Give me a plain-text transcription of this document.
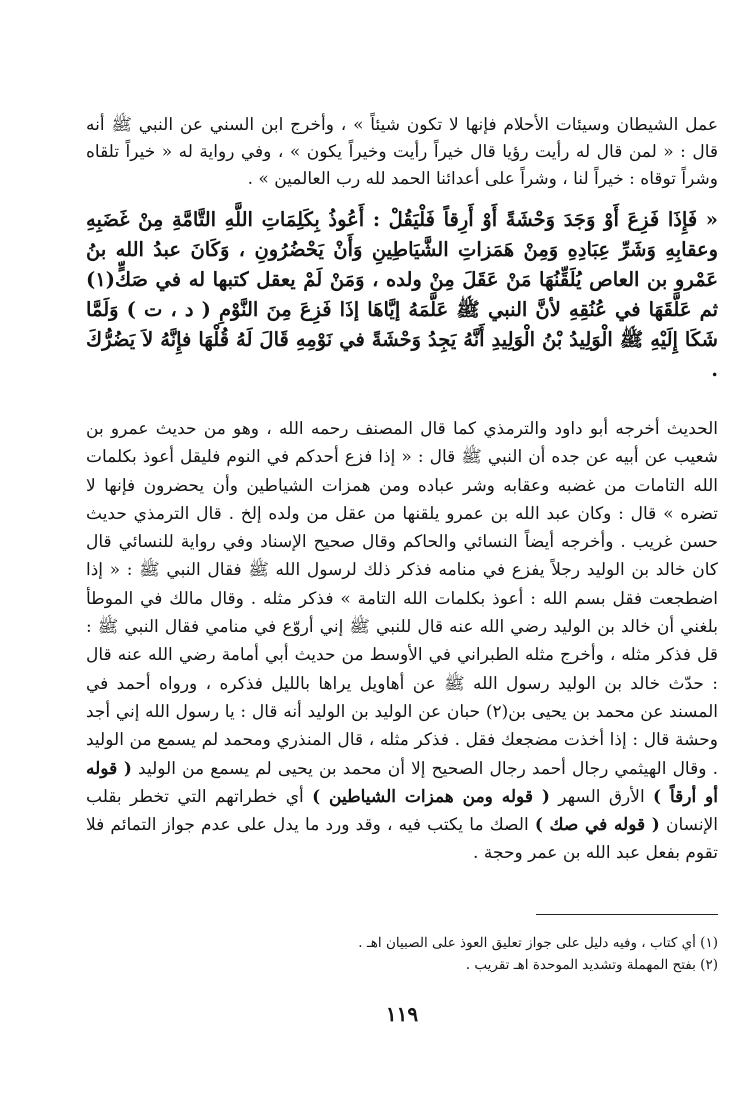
عمل الشيطان وسيئات الأحلام فإنها لا تكون شيئاً » ، وأخرج ابن السني عن النبي ﷺ أنه قال : « لمن قال له رأيت رؤيا قال خيراً رأيت وخيراً يكون » ، وفي رواية له « خيراً تلقاه وشراً توقاه : خيراً لنا ، وشراً على أعدائنا الحمد لله رب العالمين » .

« فَإِذَا فَزِعَ أَوْ وَجَدَ وَحْشَةً أَوْ أَرِقاً فَلْيَقُلْ : أَعُوذُ بِكَلِمَاتِ اللَّهِ التَّامَّةِ مِنْ غَضَبِهِ وعقابِهِ وَشَرِّ عِبَادِهِ وَمِنْ هَمَزاتِ الشَّيَاطِينِ وَأَنْ يَحْضُرُونِ ، وَكَانَ عبدُ الله بنُ عَمْرو بن العاص يُلَقِّنُهَا مَنْ عَقَلَ مِنْ ولده ، وَمَنْ لَمْ يعقل كتبها له في صَكٍّ(١) ثم عَلَّقَهَا في عُنُقِهِ لأنَّ النبي ﷺ عَلَّمَهُ إيَّاهَا إذَا فَزِعَ مِنَ النَّوْمِ ( د ، ت ) وَلَمَّا شَكَا إِلَيْهِ ﷺ الْوَلِيدُ بْنُ الْوَلِيدِ أَنَّهُ يَجِدُ وَحْشَةً في نَوْمِهِ قَالَ لَهُ قُلْهَا فإِنَّهُ لاَ يَضُرُّكَ .

الحديث أخرجه أبو داود والترمذي كما قال المصنف رحمه الله ، وهو من حديث عمرو بن شعيب عن أبيه عن جده أن النبي ﷺ قال : « إذا فزع أحدكم في النوم فليقل أعوذ بكلمات الله التامات من غضبه وعقابه وشر عباده ومن همزات الشياطين وأن يحضرون فإنها لا تضره » قال : وكان عبد الله بن عمرو يلقنها من عقل من ولده إلخ . قال الترمذي حديث حسن غريب . وأخرجه أيضاً النسائي والحاكم وقال صحيح الإسناد وفي رواية للنسائي قال كان خالد بن الوليد رجلاً يفزع في منامه فذكر ذلك لرسول الله ﷺ فقال النبي ﷺ : « إذا اضطجعت فقل بسم الله : أعوذ بكلمات الله التامة » فذكر مثله . وقال مالك في الموطأ بلغني أن خالد بن الوليد رضي الله عنه قال للنبي ﷺ إني أروّع في منامي فقال النبي ﷺ : قل فذكر مثله ، وأخرج مثله الطبراني في الأوسط من حديث أبي أمامة رضي الله عنه قال : حدّث خالد بن الوليد رسول الله ﷺ عن أهاويل يراها بالليل فذكره ، ورواه أحمد في المسند عن محمد بن يحيى بن(٢) حبان عن الوليد بن الوليد أنه قال : يا رسول الله إني أجد وحشة قال : إذا أخذت مضجعك فقل . فذكر مثله ، قال المنذري ومحمد لم يسمع من الوليد . وقال الهيثمي رجال أحمد رجال الصحيح إلا أن محمد بن يحيى لم يسمع من الوليد ( قوله أو أرقاً ) الأرق السهر ( قوله ومن همزات الشياطين ) أي خطراتهم التي تخطر بقلب الإنسان ( قوله في صك ) الصك ما يكتب فيه ، وقد ورد ما يدل على عدم جواز التمائم فلا تقوم بفعل عبد الله بن عمر وحجة .

(١) أي كتاب ، وفيه دليل على جواز تعليق العوذ على الصبيان اهـ .

(٢) بفتح المهملة وتشديد الموحدة اهـ تقريب .

١١٩
